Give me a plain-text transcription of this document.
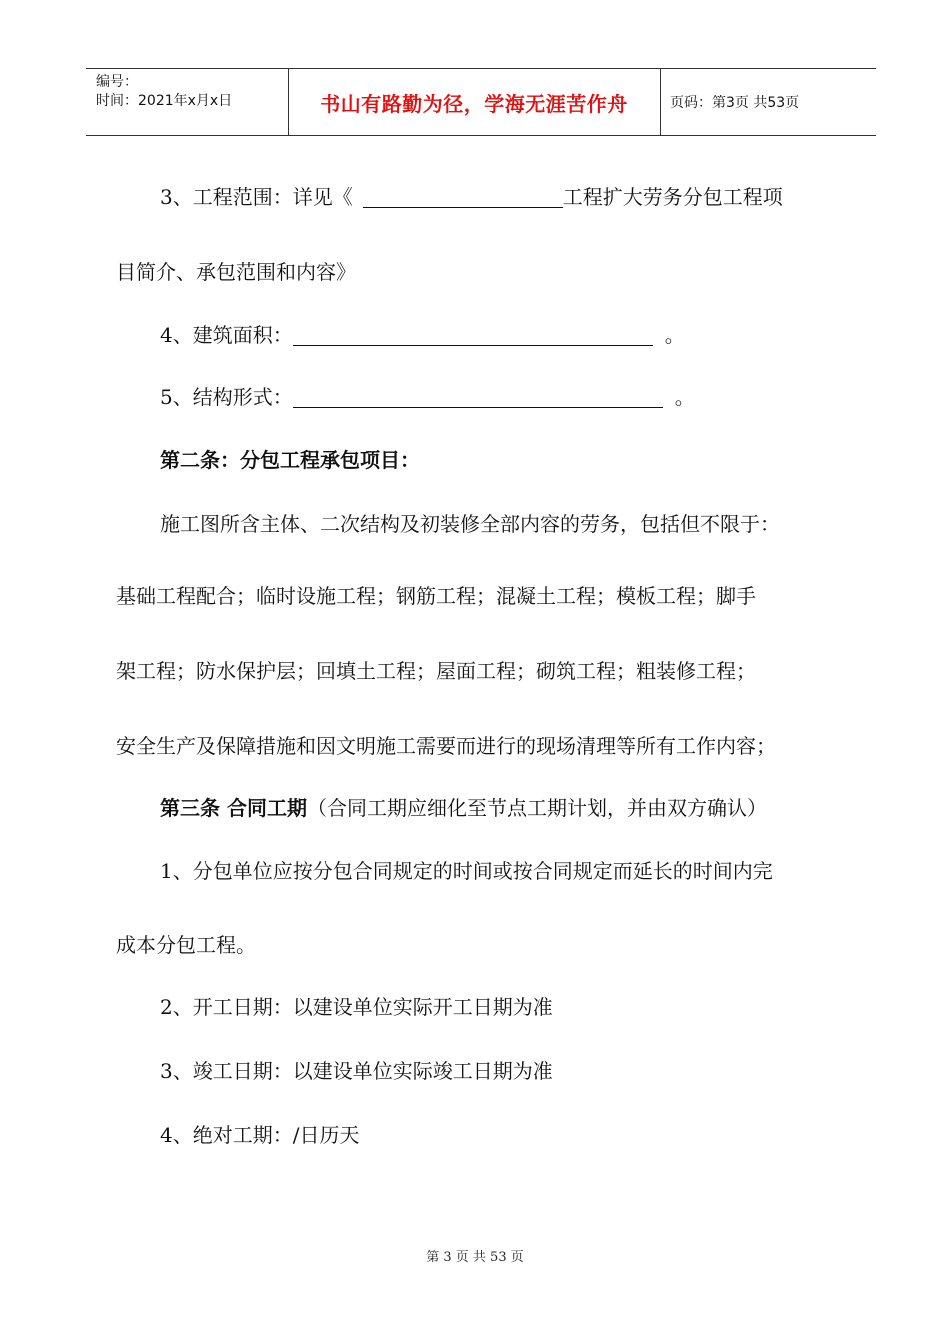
编号：
时间：2021年x月x日	书山有路勤为径，学海无涯苦作舟	页码：第3页 共53页
3、工程范围：详见《	工程扩大劳务分包工程项
目简介、承包范围和内容》
4、建筑面积：	。
5、结构形式：	。
第二条：分包工程承包项目：
施工图所含主体、二次结构及初装修全部内容的劳务，包括但不限于：
基础工程配合；临时设施工程；钢筋工程；混凝土工程；模板工程；脚手
架工程；防水保护层；回填土工程；屋面工程；砌筑工程；粗装修工程；
安全生产及保障措施和因文明施工需要而进行的现场清理等所有工作内容；
第三条 合同工期（合同工期应细化至节点工期计划，并由双方确认）
1、分包单位应按分包合同规定的时间或按合同规定而延长的时间内完
成本分包工程。
2、开工日期：以建设单位实际开工日期为准
3、竣工日期：以建设单位实际竣工日期为准
4、绝对工期：/日历天
第 3 页 共 53 页
